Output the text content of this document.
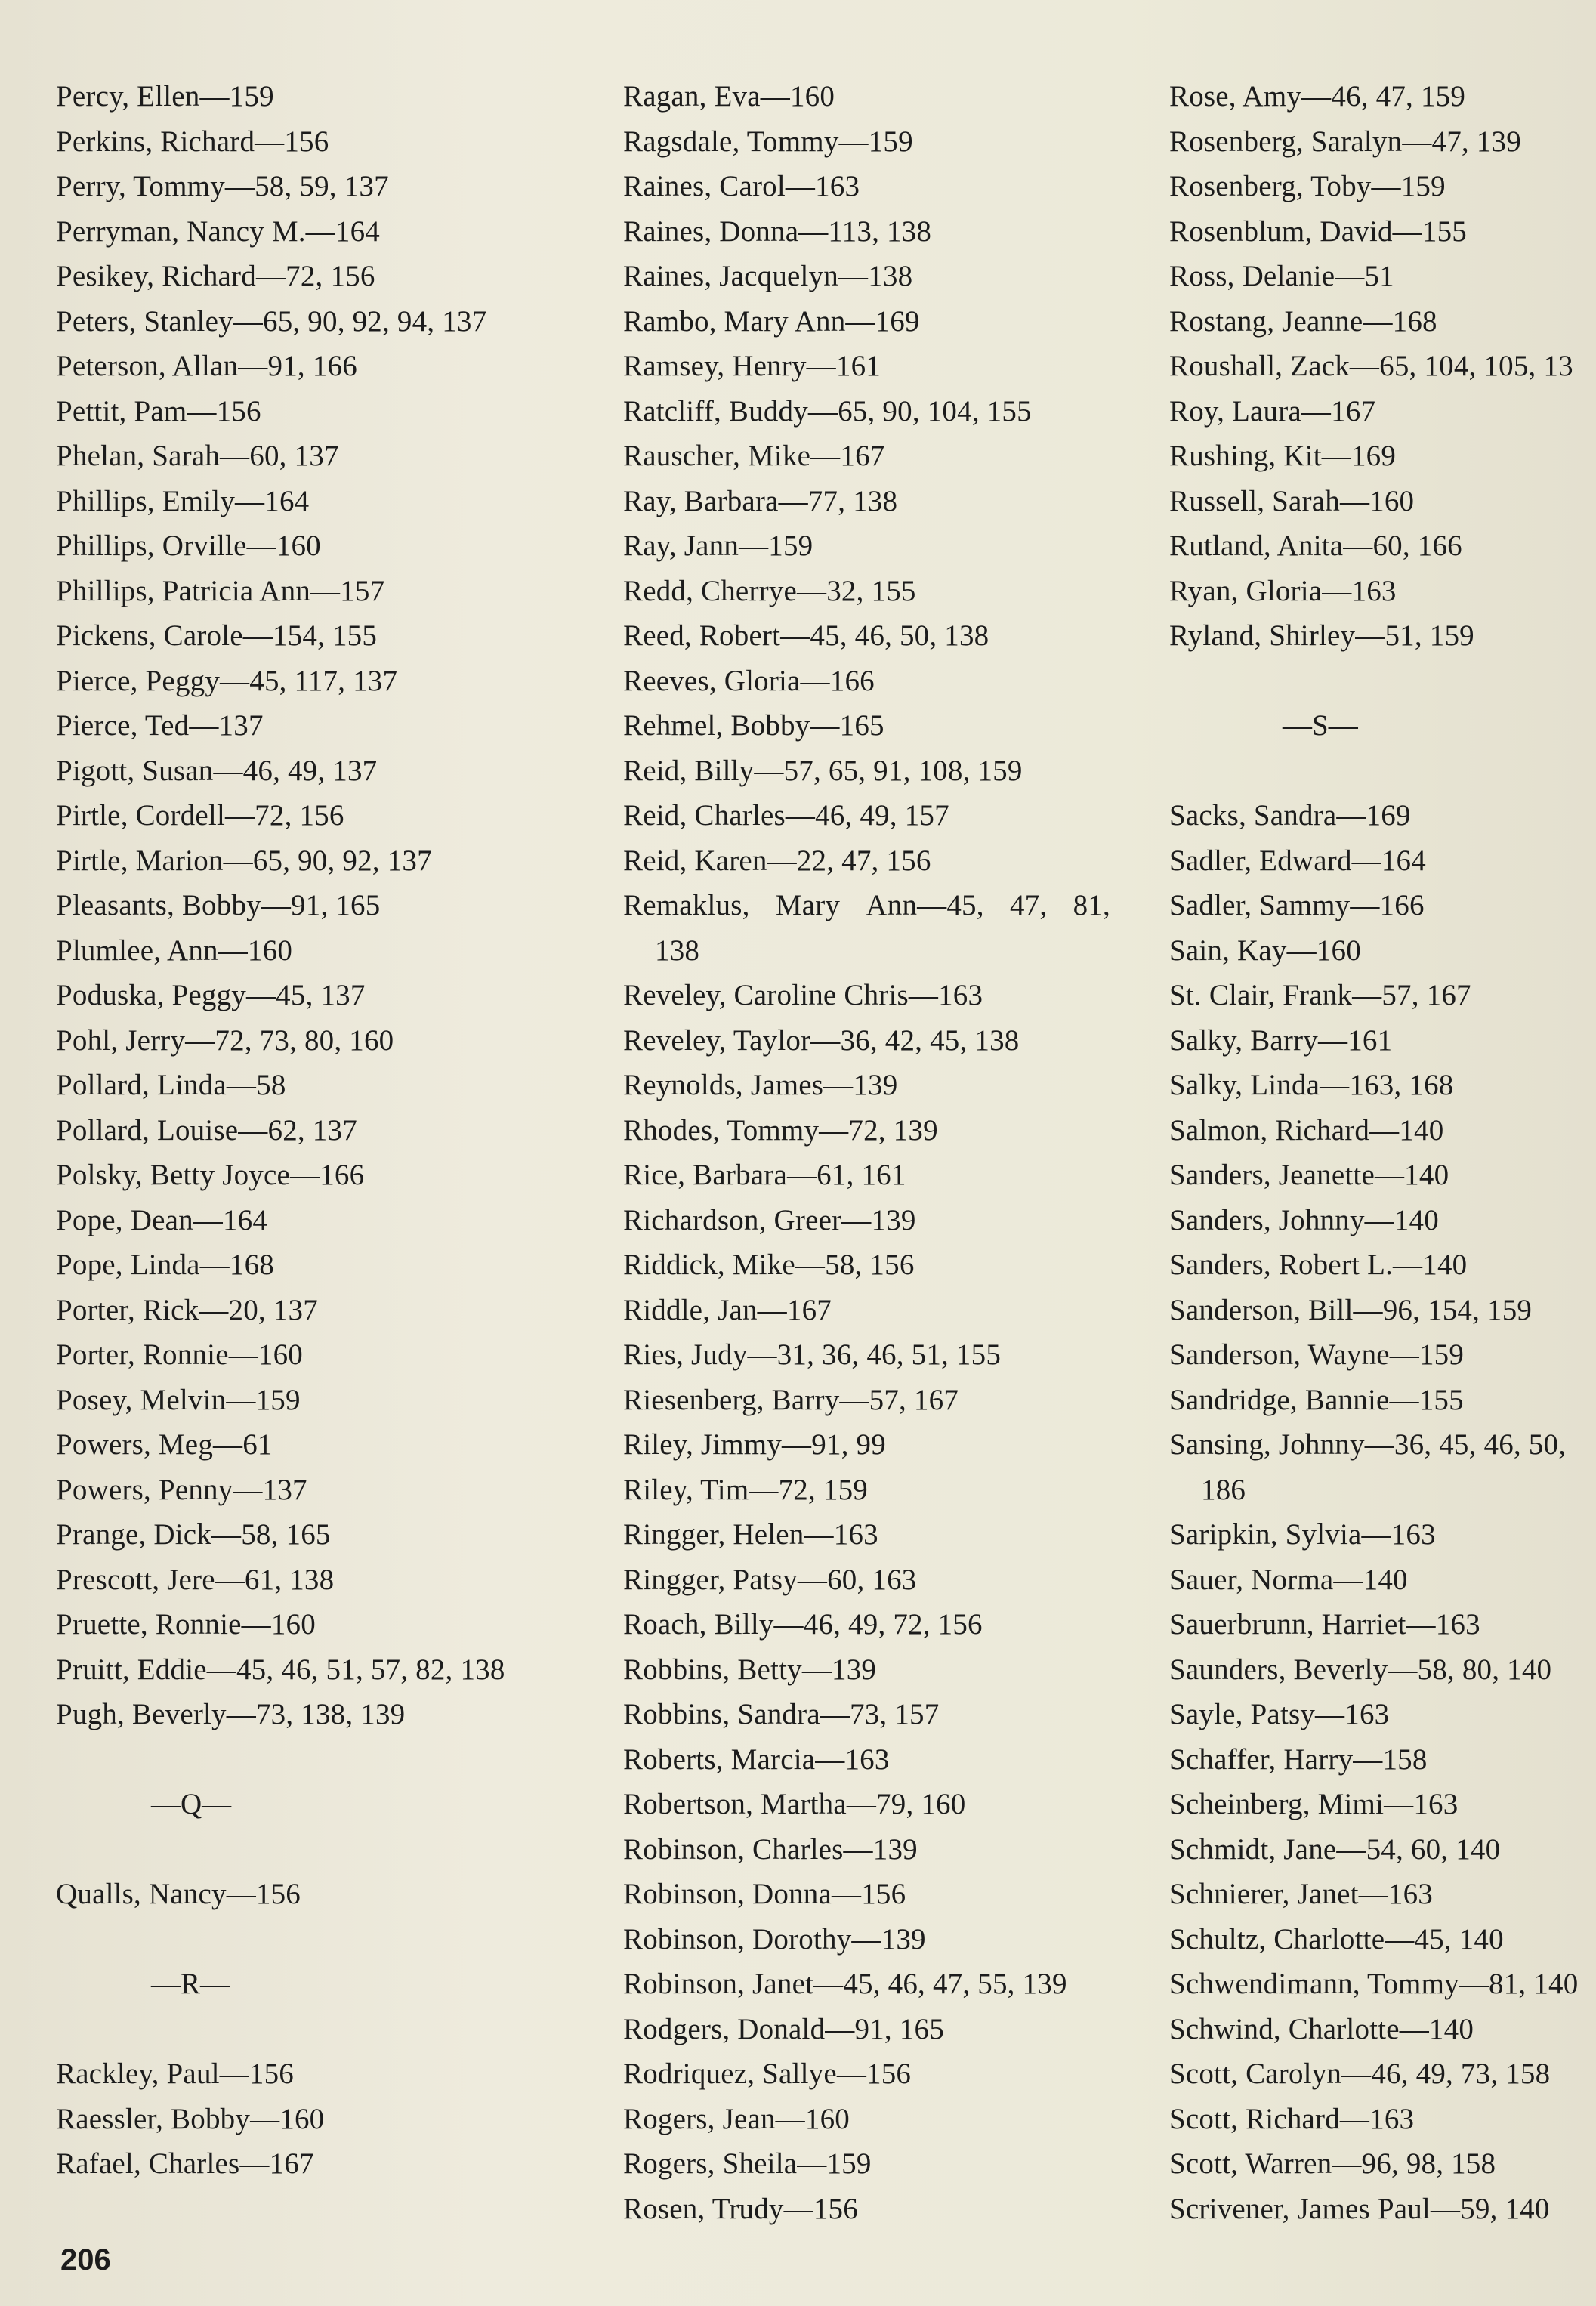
Percy, Ellen—159
Perkins, Richard—156
Perry, Tommy—58, 59, 137
Perryman, Nancy M.—164
Pesikey, Richard—72, 156
Peters, Stanley—65, 90, 92, 94, 137
Peterson, Allan—91, 166
Pettit, Pam—156
Phelan, Sarah—60, 137
Phillips, Emily—164
Phillips, Orville—160
Phillips, Patricia Ann—157
Pickens, Carole—154, 155
Pierce, Peggy—45, 117, 137
Pierce, Ted—137
Pigott, Susan—46, 49, 137
Pirtle, Cordell—72, 156
Pirtle, Marion—65, 90, 92, 137
Pleasants, Bobby—91, 165
Plumlee, Ann—160
Poduska, Peggy—45, 137
Pohl, Jerry—72, 73, 80, 160
Pollard, Linda—58
Pollard, Louise—62, 137
Polsky, Betty Joyce—166
Pope, Dean—164
Pope, Linda—168
Porter, Rick—20, 137
Porter, Ronnie—160
Posey, Melvin—159
Powers, Meg—61
Powers, Penny—137
Prange, Dick—58, 165
Prescott, Jere—61, 138
Pruette, Ronnie—160
Pruitt, Eddie—45, 46, 51, 57, 82, 138
Pugh, Beverly—73, 138, 139
—Q—
Qualls, Nancy—156
—R—
Rackley, Paul—156
Raessler, Bobby—160
Rafael, Charles—167
Ragan, Eva—160
Ragsdale, Tommy—159
Raines, Carol—163
Raines, Donna—113, 138
Raines, Jacquelyn—138
Rambo, Mary Ann—169
Ramsey, Henry—161
Ratcliff, Buddy—65, 90, 104, 155
Rauscher, Mike—167
Ray, Barbara—77, 138
Ray, Jann—159
Redd, Cherrye—32, 155
Reed, Robert—45, 46, 50, 138
Reeves, Gloria—166
Rehmel, Bobby—165
Reid, Billy—57, 65, 91, 108, 159
Reid, Charles—46, 49, 157
Reid, Karen—22, 47, 156
Remaklus, Mary Ann—45, 47, 81,
138
Reveley, Caroline Chris—163
Reveley, Taylor—36, 42, 45, 138
Reynolds, James—139
Rhodes, Tommy—72, 139
Rice, Barbara—61, 161
Richardson, Greer—139
Riddick, Mike—58, 156
Riddle, Jan—167
Ries, Judy—31, 36, 46, 51, 155
Riesenberg, Barry—57, 167
Riley, Jimmy—91, 99
Riley, Tim—72, 159
Ringger, Helen—163
Ringger, Patsy—60, 163
Roach, Billy—46, 49, 72, 156
Robbins, Betty—139
Robbins, Sandra—73, 157
Roberts, Marcia—163
Robertson, Martha—79, 160
Robinson, Charles—139
Robinson, Donna—156
Robinson, Dorothy—139
Robinson, Janet—45, 46, 47, 55, 139
Rodgers, Donald—91, 165
Rodriquez, Sallye—156
Rogers, Jean—160
Rogers, Sheila—159
Rosen, Trudy—156
Rose, Amy—46, 47, 159
Rosenberg, Saralyn—47, 139
Rosenberg, Toby—159
Rosenblum, David—155
Ross, Delanie—51
Rostang, Jeanne—168
Roushall, Zack—65, 104, 105, 13
Roy, Laura—167
Rushing, Kit—169
Russell, Sarah—160
Rutland, Anita—60, 166
Ryan, Gloria—163
Ryland, Shirley—51, 159
—S—
Sacks, Sandra—169
Sadler, Edward—164
Sadler, Sammy—166
Sain, Kay—160
St. Clair, Frank—57, 167
Salky, Barry—161
Salky, Linda—163, 168
Salmon, Richard—140
Sanders, Jeanette—140
Sanders, Johnny—140
Sanders, Robert L.—140
Sanderson, Bill—96, 154, 159
Sanderson, Wayne—159
Sandridge, Bannie—155
Sansing, Johnny—36, 45, 46, 50,
186
Saripkin, Sylvia—163
Sauer, Norma—140
Sauerbrunn, Harriet—163
Saunders, Beverly—58, 80, 140
Sayle, Patsy—163
Schaffer, Harry—158
Scheinberg, Mimi—163
Schmidt, Jane—54, 60, 140
Schnierer, Janet—163
Schultz, Charlotte—45, 140
Schwendimann, Tommy—81, 140
Schwind, Charlotte—140
Scott, Carolyn—46, 49, 73, 158
Scott, Richard—163
Scott, Warren—96, 98, 158
Scrivener, James Paul—59, 140
206
